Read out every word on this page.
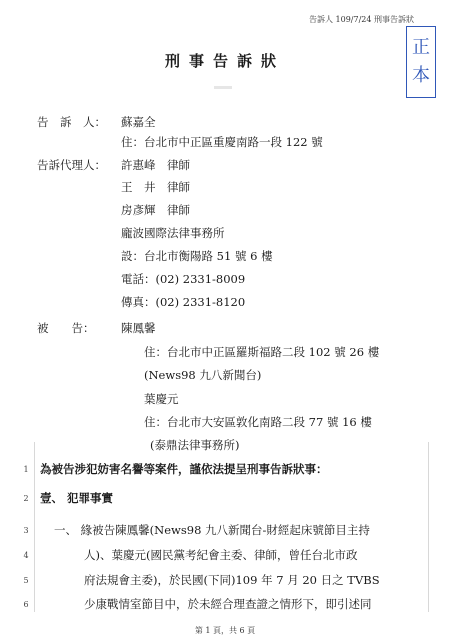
告訴人 109/7/24 刑事告訴狀
正
本
刑事告訴狀
告　訴　人： 蘇嘉全
住：台北市中正區重慶南路一段 122 號
告訴代理人： 許惠峰　律師
王　井　律師
房彥輝　律師
龐波國際法律事務所
設：台北市衡陽路 51 號 6 樓
電話：(02) 2331-8009
傳真：(02) 2331-8120
被　　告： 陳鳳馨
住：台北市中正區羅斯福路二段 102 號 26 樓
(News98 九八新聞台)
葉慶元
住：台北市大安區敦化南路二段 77 號 16 樓
(泰鼎法律事務所)
1 為被告涉犯妨害名譽等案件，謹依法提呈刑事告訴狀事：
2 壹、 犯罪事實
3	一、 緣被告陳鳳馨(News98 九八新聞台-財經起床號節目主持
4	人)、葉慶元(國民黨考紀會主委、律師，曾任台北市政
5	府法規會主委)，於民國(下同)109 年 7 月 20 日之 TVBS
6	少康戰情室節目中，於未經合理查證之情形下，即引述同
第 1 頁，共 6 頁
